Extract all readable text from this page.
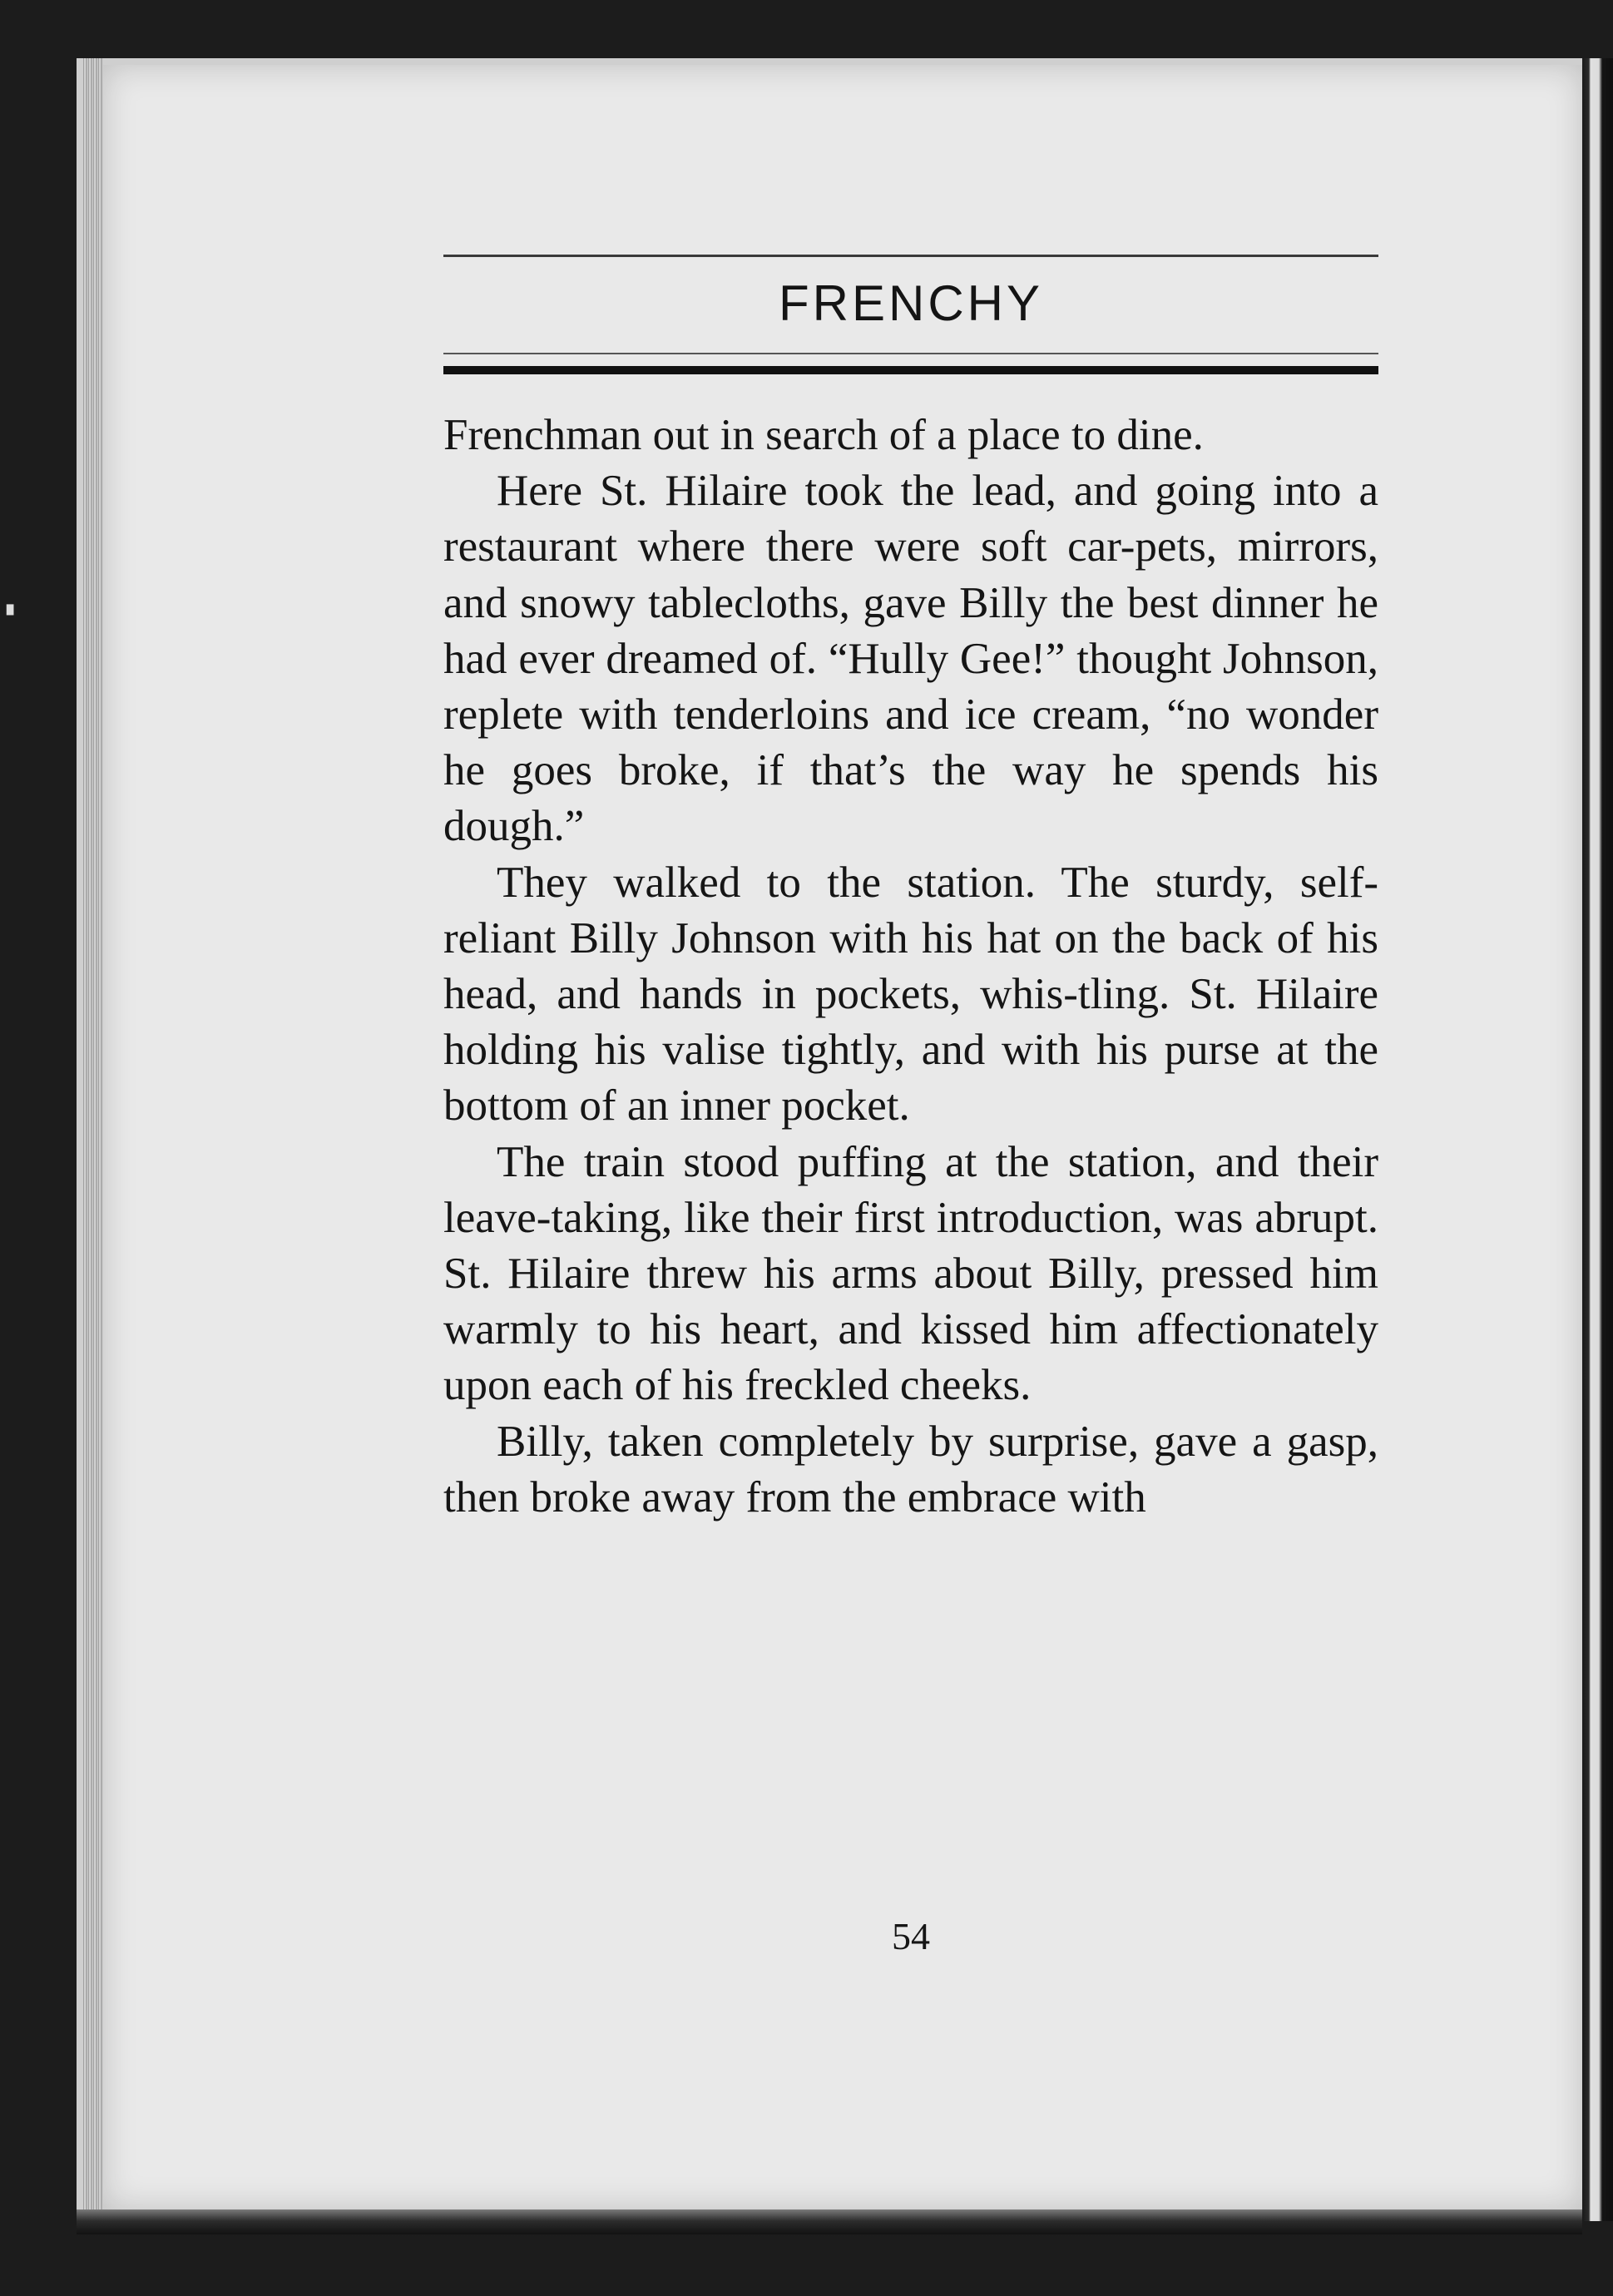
▘
FRENCHY

Frenchman out in search of a place to dine.

Here St. Hilaire took the lead, and going into a restaurant where there were soft car-pets, mirrors, and snowy tablecloths, gave Billy the best dinner he had ever dreamed of. “Hully Gee!” thought Johnson, replete with tenderloins and ice cream, “no wonder he goes broke, if that’s the way he spends his dough.”

They walked to the station. The sturdy, self-reliant Billy Johnson with his hat on the back of his head, and hands in pockets, whis-tling. St. Hilaire holding his valise tightly, and with his purse at the bottom of an inner pocket.

The train stood puffing at the station, and their leave-taking, like their first introduction, was abrupt. St. Hilaire threw his arms about Billy, pressed him warmly to his heart, and kissed him affectionately upon each of his freckled cheeks.

Billy, taken completely by surprise, gave a gasp, then broke away from the embrace with

54
